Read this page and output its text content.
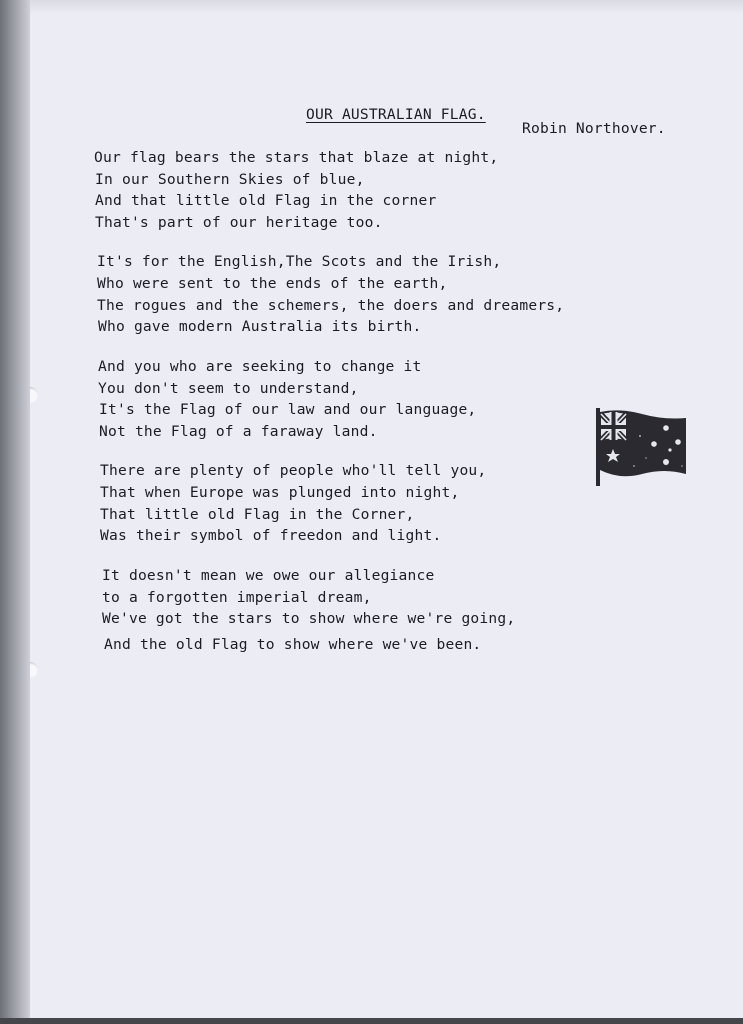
OUR AUSTRALIAN FLAG.
Robin Northover.
Our flag bears the stars that blaze at night,
In our Southern Skies of blue,
And that little old Flag in the corner
That's part of our heritage too.
It's for the English,The Scots and the Irish,
Who were sent to the ends of the earth,
The rogues and the schemers, the doers and dreamers,
Who gave modern Australia its birth.
And you who are seeking to change it
You don't seem to understand,
It's the Flag of our law and our language,
Not the Flag of a faraway land.
There are plenty of people who'll tell you,
That when Europe was plunged into night,
That little old Flag in the Corner,
Was their symbol of freedon and light.
It doesn't mean we owe our allegiance
to a forgotten imperial dream,
We've got the stars to show where we're going,
And the old Flag to show where we've been.
